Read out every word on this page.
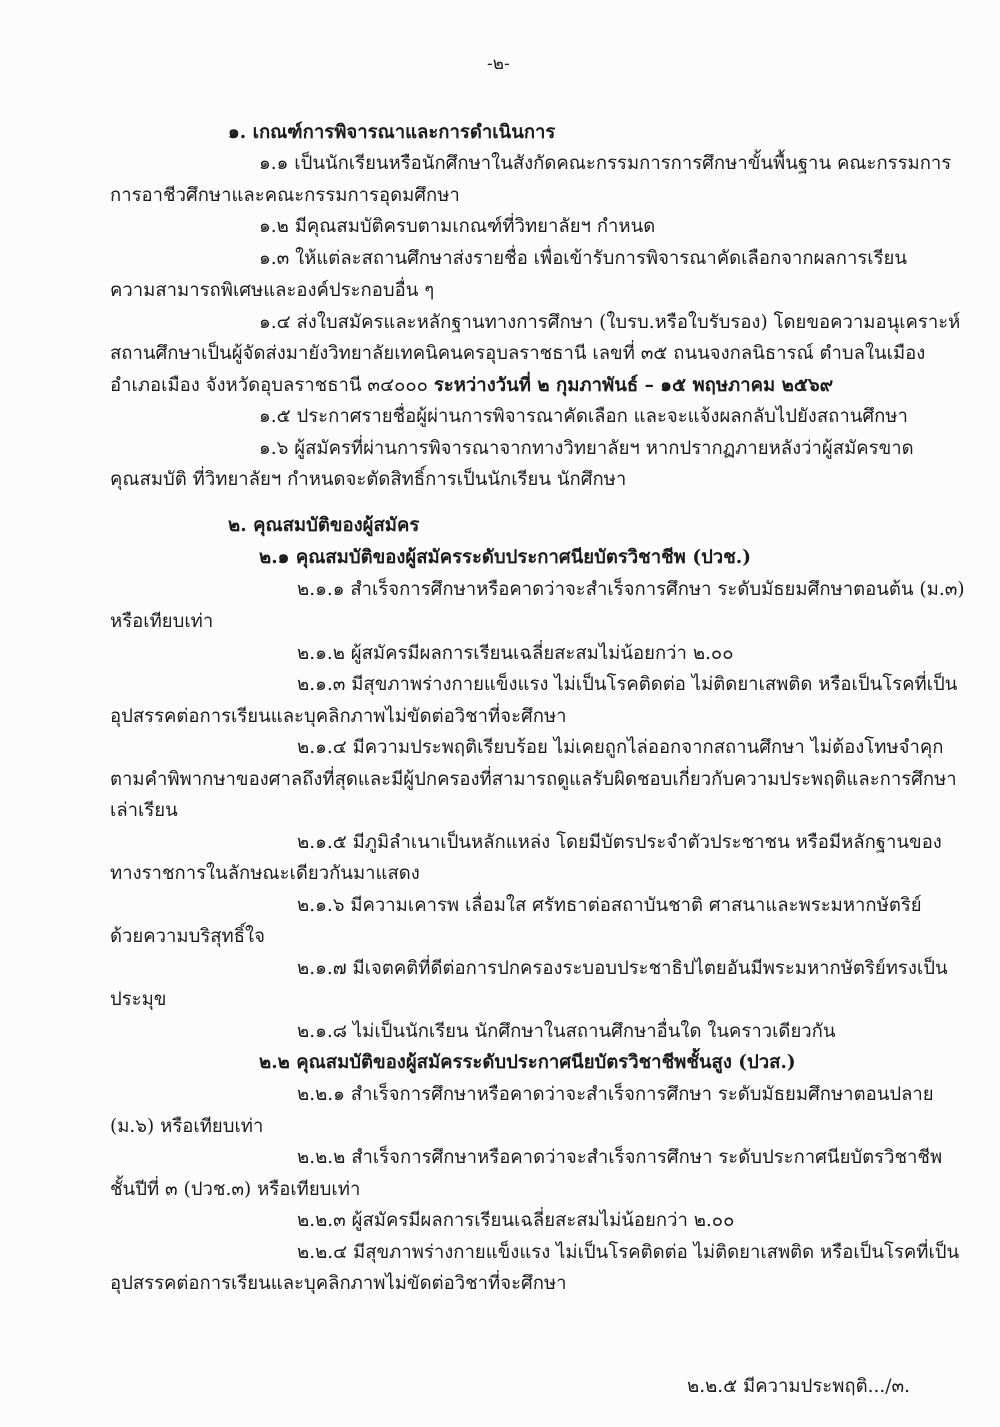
-๒-
๑. เกณฑ์การพิจารณาและการดำเนินการ
๑.๑ เป็นนักเรียนหรือนักศึกษาในสังกัดคณะกรรมการการศึกษาขั้นพื้นฐาน คณะกรรมการ
การอาชีวศึกษาและคณะกรรมการอุดมศึกษา
๑.๒ มีคุณสมบัติครบตามเกณฑ์ที่วิทยาลัยฯ กำหนด
๑.๓ ให้แต่ละสถานศึกษาส่งรายชื่อ เพื่อเข้ารับการพิจารณาคัดเลือกจากผลการเรียน
ความสามารถพิเศษและองค์ประกอบอื่น ๆ
๑.๔ ส่งใบสมัครและหลักฐานทางการศึกษา (ใบรบ.หรือใบรับรอง) โดยขอความอนุเคราะห์
สถานศึกษาเป็นผู้จัดส่งมายังวิทยาลัยเทคนิคนครอุบลราชธานี เลขที่ ๓๕ ถนนจงกลนิธารณ์ ตำบลในเมือง
อำเภอเมือง จังหวัดอุบลราชธานี ๓๔๐๐๐ ระหว่างวันที่ ๒ กุมภาพันธ์ – ๑๕ พฤษภาคม ๒๕๖๙
๑.๕ ประกาศรายชื่อผู้ผ่านการพิจารณาคัดเลือก และจะแจ้งผลกลับไปยังสถานศึกษา
๑.๖ ผู้สมัครที่ผ่านการพิจารณาจากทางวิทยาลัยฯ หากปรากฏภายหลังว่าผู้สมัครขาด
คุณสมบัติ ที่วิทยาลัยฯ กำหนดจะตัดสิทธิ์การเป็นนักเรียน นักศึกษา
๒. คุณสมบัติของผู้สมัคร
๒.๑ คุณสมบัติของผู้สมัครระดับประกาศนียบัตรวิชาชีพ (ปวช.)
๒.๑.๑ สำเร็จการศึกษาหรือคาดว่าจะสำเร็จการศึกษา ระดับมัธยมศึกษาตอนต้น (ม.๓)
หรือเทียบเท่า
๒.๑.๒ ผู้สมัครมีผลการเรียนเฉลี่ยสะสมไม่น้อยกว่า ๒.๐๐
๒.๑.๓ มีสุขภาพร่างกายแข็งแรง ไม่เป็นโรคติดต่อ ไม่ติดยาเสพติด หรือเป็นโรคที่เป็น
อุปสรรคต่อการเรียนและบุคลิกภาพไม่ขัดต่อวิชาที่จะศึกษา
๒.๑.๔ มีความประพฤติเรียบร้อย ไม่เคยถูกไล่ออกจากสถานศึกษา ไม่ต้องโทษจำคุก
ตามคำพิพากษาของศาลถึงที่สุดและมีผู้ปกครองที่สามารถดูแลรับผิดชอบเกี่ยวกับความประพฤติและการศึกษา
เล่าเรียน
๒.๑.๕ มีภูมิลำเนาเป็นหลักแหล่ง โดยมีบัตรประจำตัวประชาชน หรือมีหลักฐานของ
ทางราชการในลักษณะเดียวกันมาแสดง
๒.๑.๖ มีความเคารพ เลื่อมใส ศรัทธาต่อสถาบันชาติ ศาสนาและพระมหากษัตริย์
ด้วยความบริสุทธิ์ใจ
๒.๑.๗ มีเจตคติที่ดีต่อการปกครองระบอบประชาธิปไตยอันมีพระมหากษัตริย์ทรงเป็น
ประมุข
๒.๑.๘ ไม่เป็นนักเรียน นักศึกษาในสถานศึกษาอื่นใด ในคราวเดียวกัน
๒.๒ คุณสมบัติของผู้สมัครระดับประกาศนียบัตรวิชาชีพชั้นสูง (ปวส.)
๒.๒.๑ สำเร็จการศึกษาหรือคาดว่าจะสำเร็จการศึกษา ระดับมัธยมศึกษาตอนปลาย
(ม.๖) หรือเทียบเท่า
๒.๒.๒ สำเร็จการศึกษาหรือคาดว่าจะสำเร็จการศึกษา ระดับประกาศนียบัตรวิชาชีพ
ชั้นปีที่ ๓ (ปวช.๓) หรือเทียบเท่า
๒.๒.๓ ผู้สมัครมีผลการเรียนเฉลี่ยสะสมไม่น้อยกว่า ๒.๐๐
๒.๒.๔ มีสุขภาพร่างกายแข็งแรง ไม่เป็นโรคติดต่อ ไม่ติดยาเสพติด หรือเป็นโรคที่เป็น
อุปสรรคต่อการเรียนและบุคลิกภาพไม่ขัดต่อวิชาที่จะศึกษา
๒.๒.๕ มีความประพฤติ.../๓.
